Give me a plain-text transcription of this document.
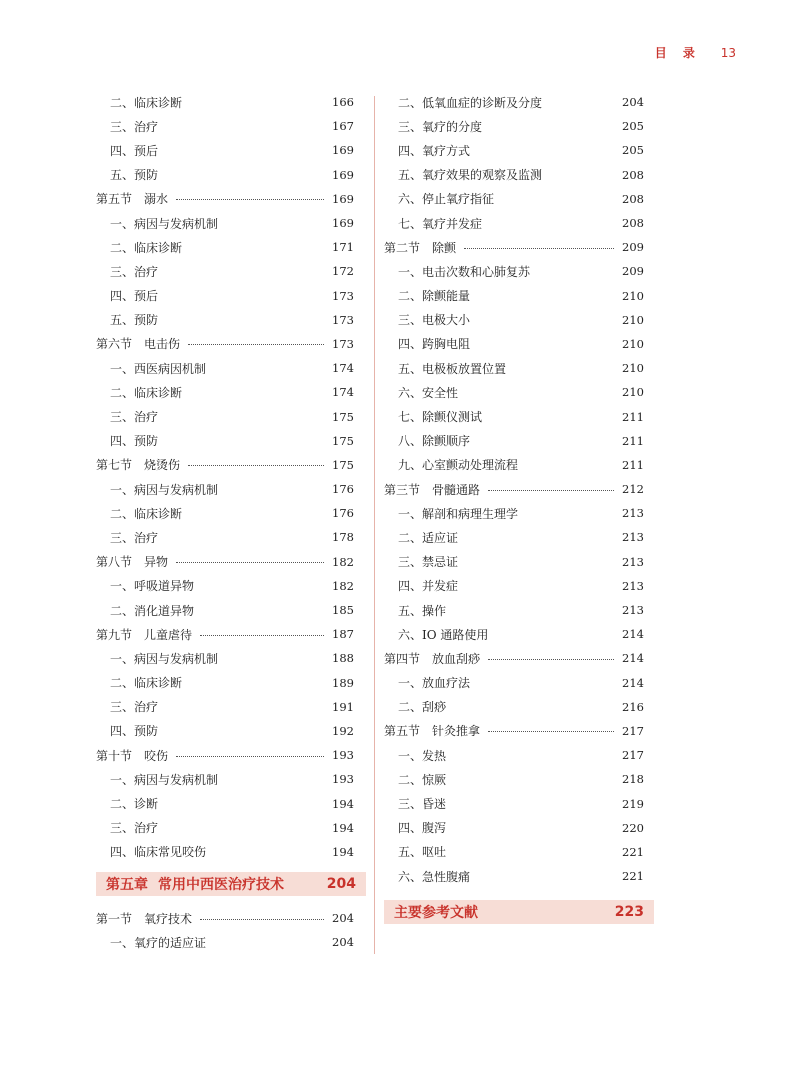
目 录 13
二、临床诊断	166
三、治疗	167
四、预后	169
五、预防	169
第五节 溺水	169
一、病因与发病机制	169
二、临床诊断	171
三、治疗	172
四、预后	173
五、预防	173
第六节 电击伤	173
一、西医病因机制	174
二、临床诊断	174
三、治疗	175
四、预防	175
第七节 烧烫伤	175
一、病因与发病机制	176
二、临床诊断	176
三、治疗	178
第八节 异物	182
一、呼吸道异物	182
二、消化道异物	185
第九节 儿童虐待	187
一、病因与发病机制	188
二、临床诊断	189
三、治疗	191
四、预防	192
第十节 咬伤	193
一、病因与发病机制	193
二、诊断	194
三、治疗	194
四、临床常见咬伤	194
第五章 常用中西医治疗技术	204
第一节 氧疗技术	204
一、氧疗的适应证	204
二、低氧血症的诊断及分度	204
三、氧疗的分度	205
四、氧疗方式	205
五、氧疗效果的观察及监测	208
六、停止氧疗指征	208
七、氧疗并发症	208
第二节 除颤	209
一、电击次数和心肺复苏	209
二、除颤能量	210
三、电极大小	210
四、跨胸电阻	210
五、电极板放置位置	210
六、安全性	210
七、除颤仪测试	211
八、除颤顺序	211
九、心室颤动处理流程	211
第三节 骨髓通路	212
一、解剖和病理生理学	213
二、适应证	213
三、禁忌证	213
四、并发症	213
五、操作	213
六、IO 通路使用	214
第四节 放血刮痧	214
一、放血疗法	214
二、刮痧	216
第五节 针灸推拿	217
一、发热	217
二、惊厥	218
三、昏迷	219
四、腹泻	220
五、呕吐	221
六、急性腹痛	221
主要参考文献	223
